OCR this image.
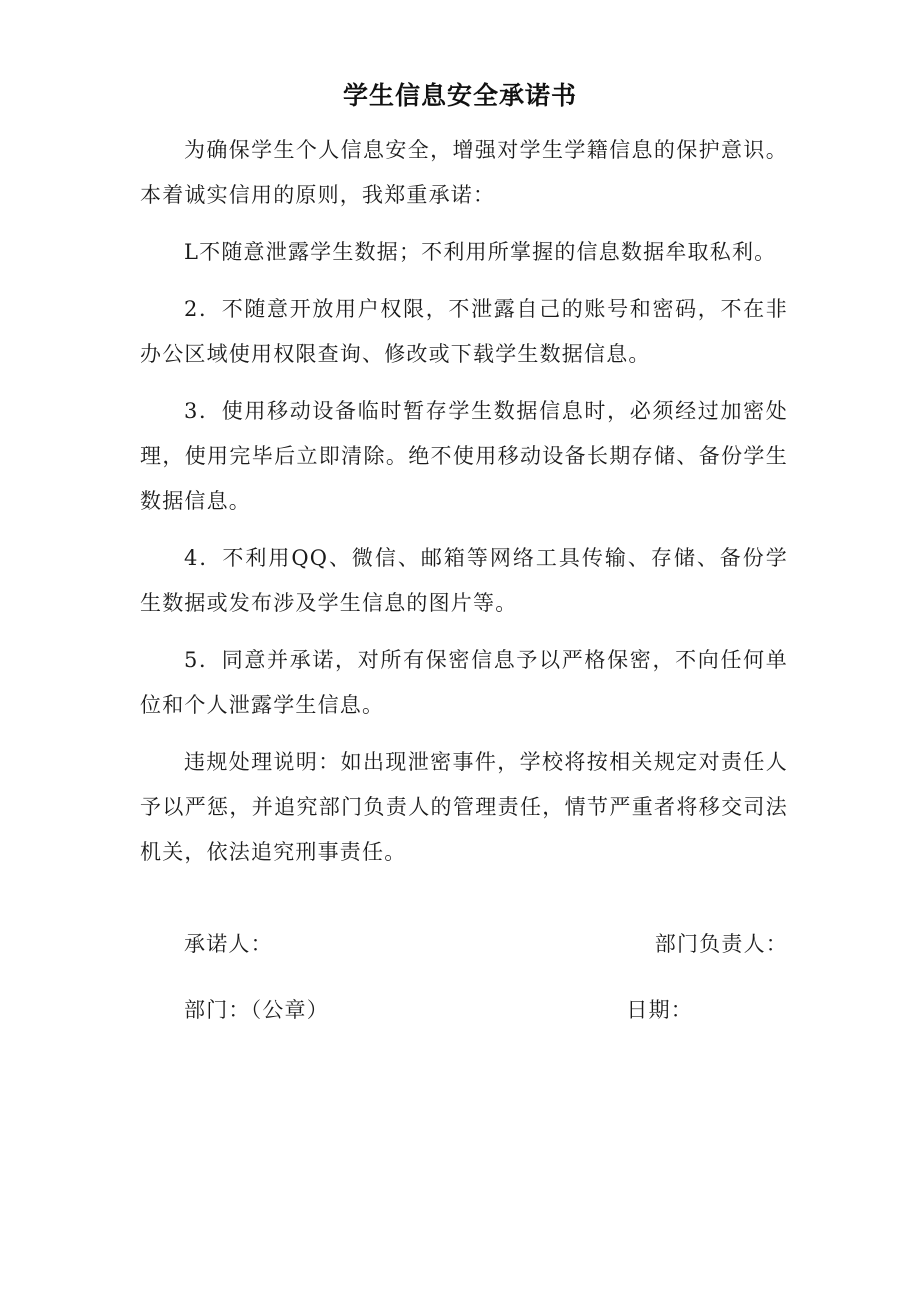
学生信息安全承诺书

为确保学生个人信息安全，增强对学生学籍信息的保护意识。本着诚实信用的原则，我郑重承诺：

L不随意泄露学生数据；不利用所掌握的信息数据牟取私利。

2．不随意开放用户权限，不泄露自己的账号和密码，不在非办公区域使用权限查询、修改或下载学生数据信息。

3．使用移动设备临时暂存学生数据信息时，必须经过加密处理，使用完毕后立即清除。绝不使用移动设备长期存储、备份学生数据信息。

4．不利用QQ、微信、邮箱等网络工具传输、存储、备份学生数据或发布涉及学生信息的图片等。

5．同意并承诺，对所有保密信息予以严格保密，不向任何单位和个人泄露学生信息。

违规处理说明：如出现泄密事件，学校将按相关规定对责任人予以严惩，并追究部门负责人的管理责任，情节严重者将移交司法机关，依法追究刑事责任。

承诺人：	部门负责人：
部门：（公章）	日期：
